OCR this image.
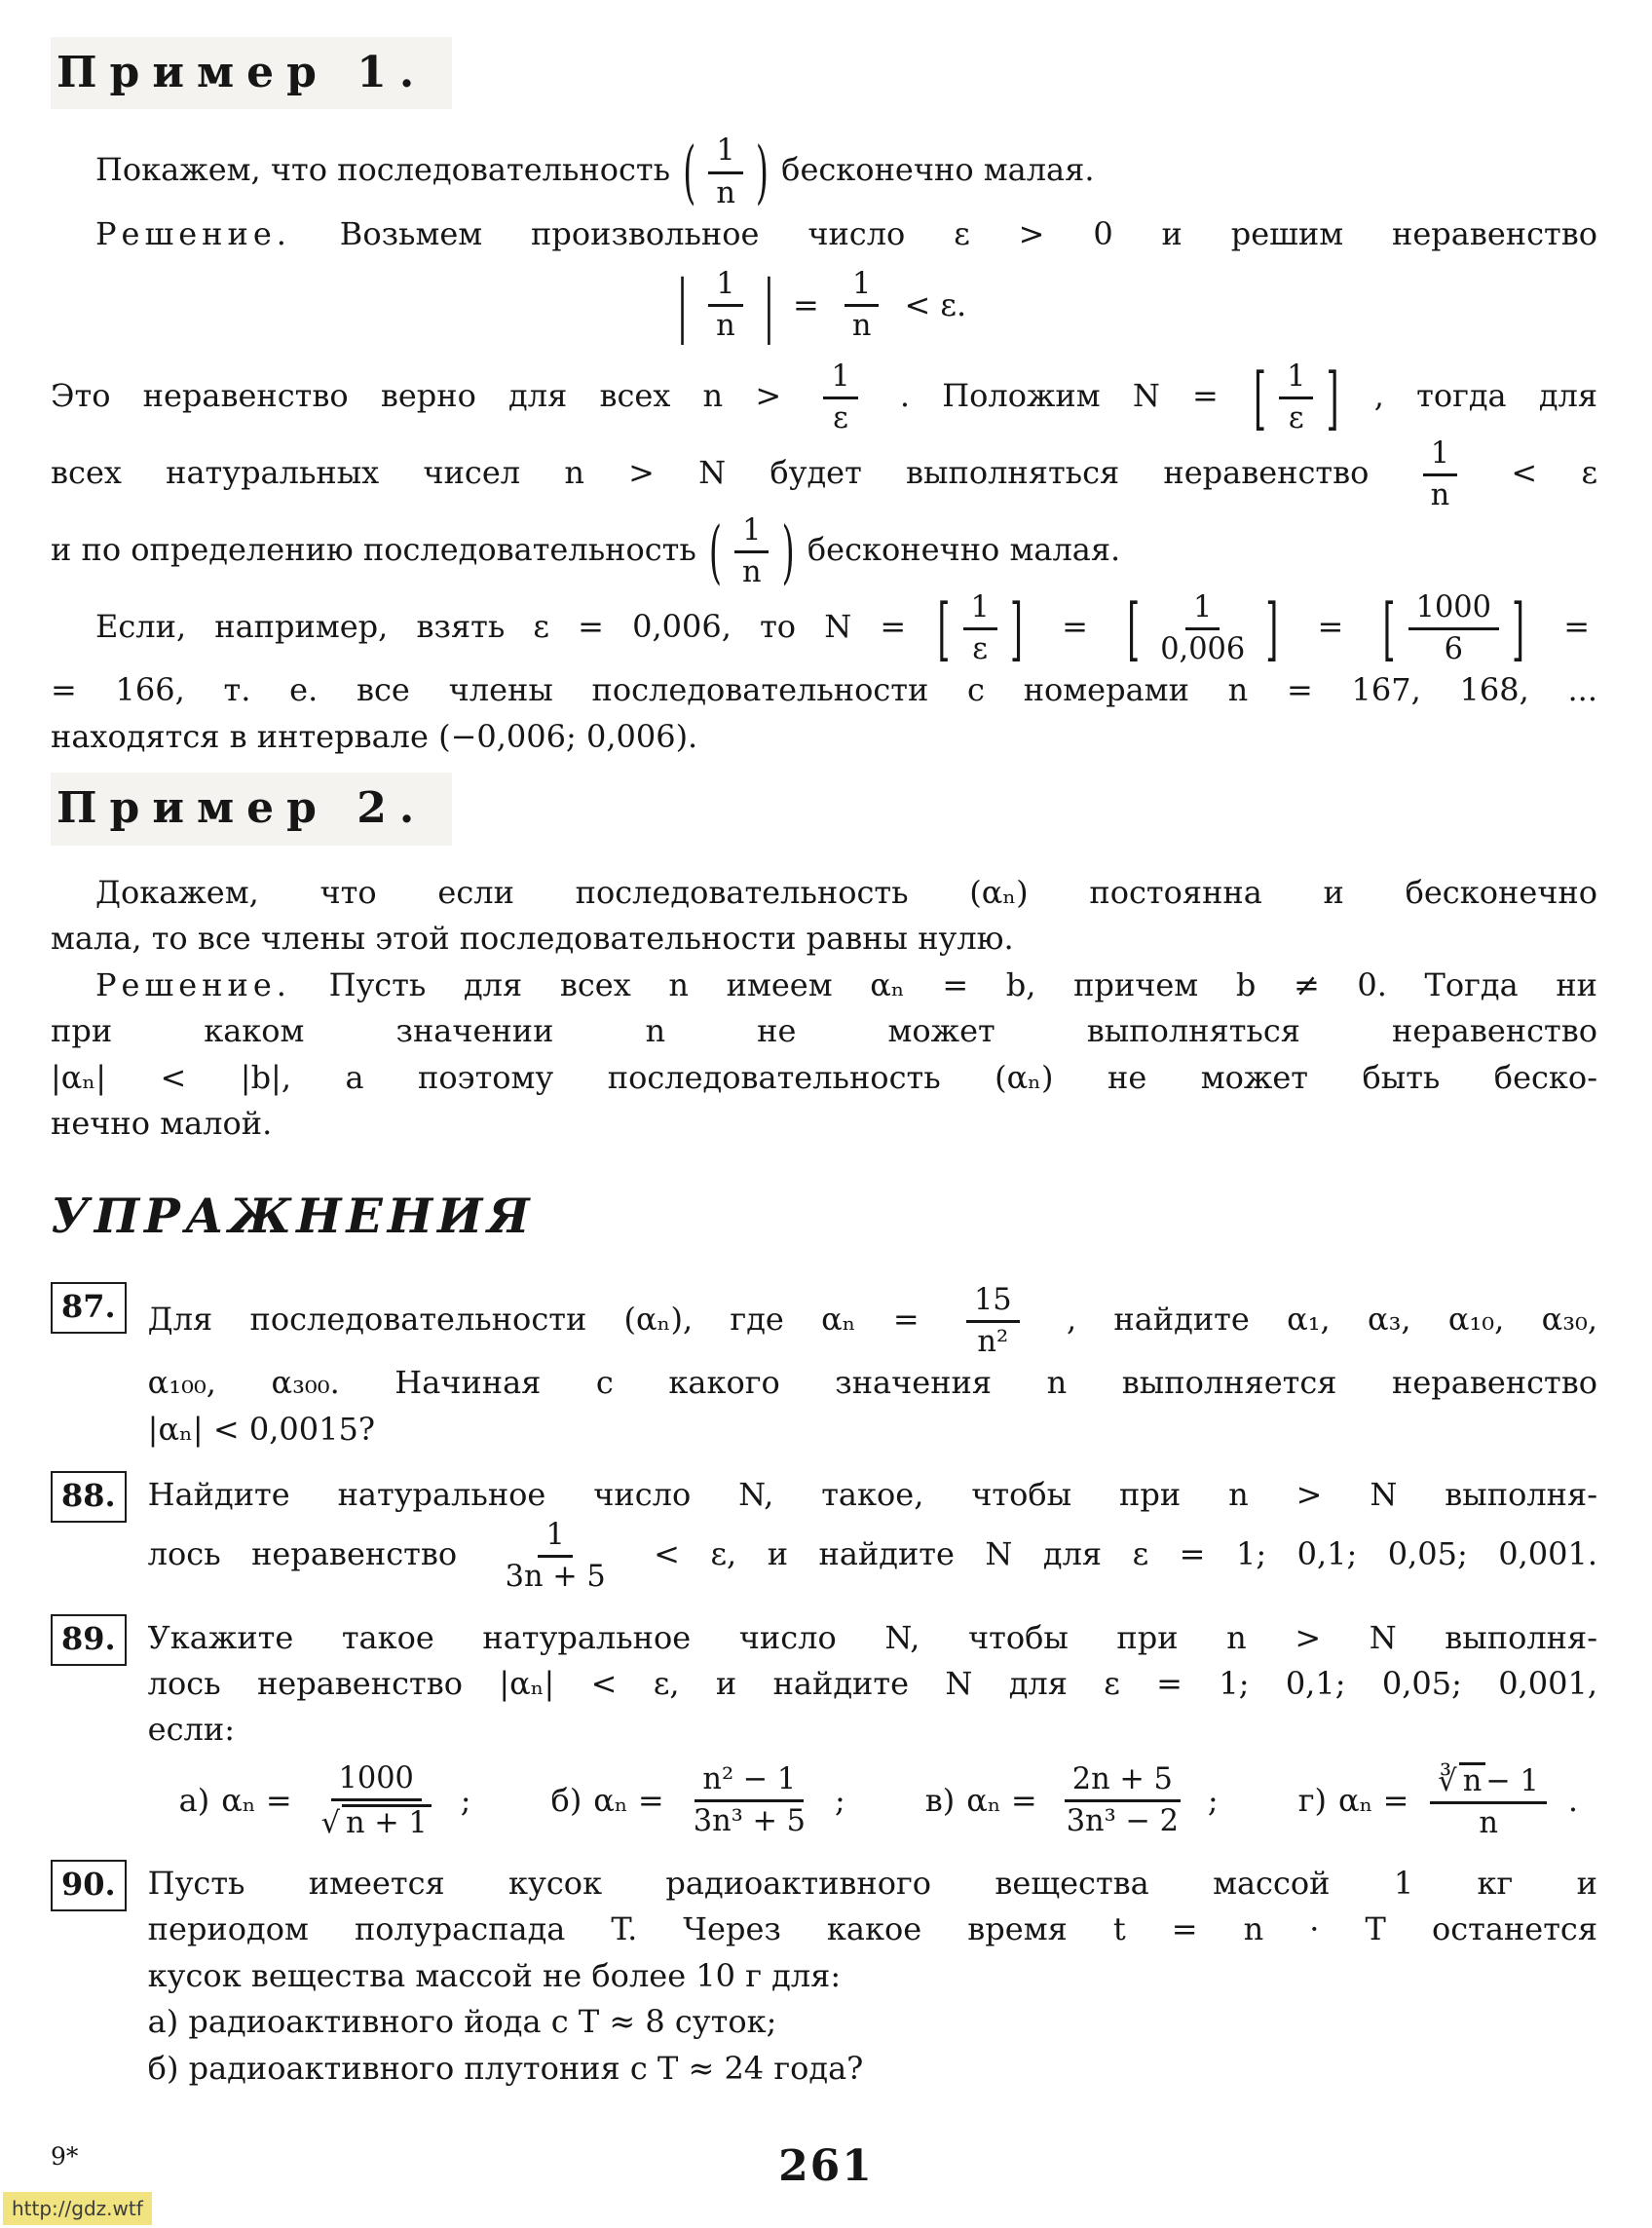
Пример 1.
Покажем, что последовательность ( $\frac{1}{n}$ ) бесконечно малая.
Решение. Возьмем произвольное число ε > 0 и решим неравенство
| $\frac{1}{n}$ | = $\frac{1}{n} < \varepsilon$.
Это неравенство верно для всех $n > \frac{1}{\varepsilon}$ . Положим N = [ $\frac{1}{\varepsilon}$ ] , тогда для
всех натуральных чисел n > N будет выполняться неравенство $\frac{1}{n} < \varepsilon$
и по определению последовательность ( $\frac{1}{n}$ ) бесконечно малая.
Если, например, взять ε = 0,006, то N = [ $\frac{1}{\varepsilon}$ ] = [ $\frac{1}{0,006}$ ] = [ $\frac{1000}{6}$ ] =
= 166, т. е. все члены последовательности с номерами n = 167, 168, ...
находятся в интервале (−0,006; 0,006).
Пример 2.
Докажем, что если последовательность (αₙ) постоянна и бесконечно
мала, то все члены этой последовательности равны нулю.
Решение. Пусть для всех n имеем αₙ = b, причем b ≠ 0. Тогда ни
при каком значении n не может выполняться неравенство
|αₙ| < |b|, а поэтому последовательность (αₙ) не может быть беско-
нечно малой.
УПРАЖНЕНИЯ
87.	Для последовательности (αₙ), где $\alpha_n = \frac{15}{\text{n²}}$ , найдите α₁, α₃, α₁₀, α₃₀,
α₁₀₀, α₃₀₀. Начиная с какого значения n выполняется неравенство
|αₙ| < 0,0015?
88.	Найдите натуральное число N, такое, чтобы при n > N выполня-
лось неравенство $\frac{1}{3n + 5} < \varepsilon$, и найдите N для ε = 1; 0,1; 0,05; 0,001.
89.	Укажите такое натуральное число N, чтобы при n > N выполня-
лось неравенство |αₙ| < ε, и найдите N для ε = 1; 0,1; 0,05; 0,001,
если:
а) $\alpha_n = \frac{1000}{√ n + 1}$ ;	б) $\alpha_n = \frac{\text{n² − 1}}{\text{3n³ + 5}}$ ;	в) $\alpha_n = \frac{2n + 5}{\text{3n³ − 2}}$ ;	г) $\alpha_n = \frac{∛ n - 1}{n}$ .
90.	Пусть имеется кусок радиоактивного вещества массой 1 кг и
периодом полураспада T. Через какое время t = n · T останется
кусок вещества массой не более 10 г для:
а) радиоактивного йода с T ≈ 8 суток;
б) радиоактивного плутония с T ≈ 24 года?
9*	261
http://gdz.wtf
